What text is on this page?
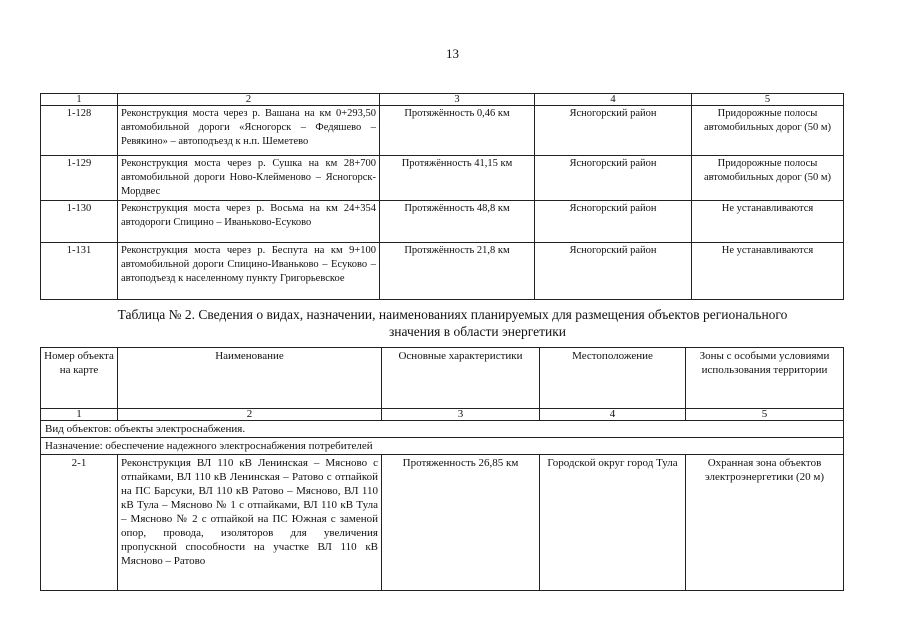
13
1	2	3	4	5
1-128	Реконструкция моста через р. Вашана на км 0+293,50 автомобильной дороги «Ясногорск – Федяшево – Ревякино» – автоподъезд к н.п. Шеметево	Протяжённость 0,46 км	Ясногорский район	Придорожные полосы автомобильных дорог (50 м)
1-129	Реконструкция моста через р. Сушка на км 28+700 автомобильной дороги Ново-Клейменово – Ясногорск-Мордвес	Протяжённость 41,15 км	Ясногорский район	Придорожные полосы автомобильных дорог (50 м)
1-130	Реконструкция моста через р. Восьма на км 24+354 автодороги Спицино – Иваньково-Есуково	Протяжённость 48,8 км	Ясногорский район	Не устанавливаются
1-131	Реконструкция моста через р. Беспута на км 9+100 автомобильной дороги Спицино-Иваньково – Есуково – автоподъезд к населенному пункту Григорьевское	Протяжённость 21,8 км	Ясногорский район	Не устанавливаются
Таблица № 2. Сведения о видах, назначении, наименованиях планируемых для размещения объектов регионального
значения в области энергетики
Номер объекта на карте	Наименование	Основные характеристики	Местоположение	Зоны с особыми условиями использования территории
1	2	3	4	5
Вид объектов: объекты электроснабжения.				
Назначение: обеспечение надежного электроснабжения потребителей				
2-1	Реконструкция ВЛ 110 кВ Ленинская – Мясново с отпайками, ВЛ 110 кВ Ленинская – Ратово с отпайкой на ПС Барсуки, ВЛ 110 кВ Ратово – Мясново, ВЛ 110 кВ Тула – Мясново № 1 с отпайками, ВЛ 110 кВ Тула – Мясново № 2 с отпайкой на ПС Южная с заменой опор, провода, изоляторов для увеличения пропускной способности на участке ВЛ 110 кВ Мясново – Ратово	Протяженность 26,85 км	Городской округ город Тула	Охранная зона объектов электроэнергетики (20 м)
